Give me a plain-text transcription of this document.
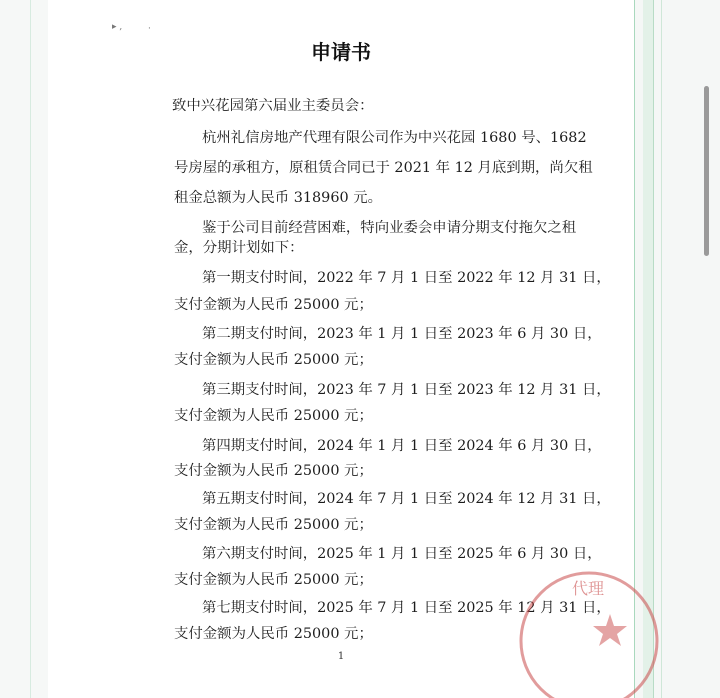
▸ ,	·
申请书
致中兴花园第六届业主委员会：
杭州礼信房地产代理有限公司作为中兴花园 1680 号、1682
号房屋的承租方，原租赁合同已于 2021 年 12 月底到期，尚欠租
租金总额为人民币 318960 元。
鉴于公司目前经营困难，特向业委会申请分期支付拖欠之租
金，分期计划如下：
第一期支付时间，2022 年 7 月 1 日至 2022 年 12 月 31 日，
支付金额为人民币 25000 元；
第二期支付时间，2023 年 1 月 1 日至 2023 年 6 月 30 日，
支付金额为人民币 25000 元；
第三期支付时间，2023 年 7 月 1 日至 2023 年 12 月 31 日，
支付金额为人民币 25000 元；
第四期支付时间，2024 年 1 月 1 日至 2024 年 6 月 30 日，
支付金额为人民币 25000 元；
第五期支付时间，2024 年 7 月 1 日至 2024 年 12 月 31 日，
支付金额为人民币 25000 元；
第六期支付时间，2025 年 1 月 1 日至 2025 年 6 月 30 日，
支付金额为人民币 25000 元；
第七期支付时间，2025 年 7 月 1 日至 2025 年 12 月 31 日，
支付金额为人民币 25000 元；
1
代理
